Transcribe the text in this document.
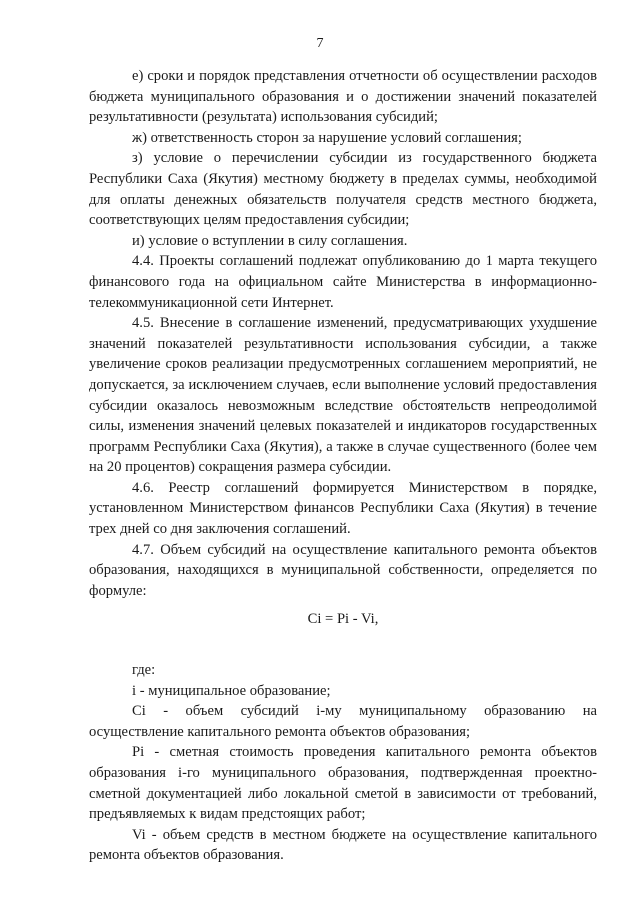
7

е) сроки и порядок представления отчетности об осуществлении расходов бюджета муниципального образования и о достижении значений показателей результативности (результата) использования субсидий;

ж) ответственность сторон за нарушение условий соглашения;

з) условие о перечислении субсидии из государственного бюджета Республики Саха (Якутия) местному бюджету в пределах суммы, необходимой для оплаты денежных обязательств получателя средств местного бюджета, соответствующих целям предоставления субсидии;

и) условие о вступлении в силу соглашения.

4.4. Проекты соглашений подлежат опубликованию до 1 марта текущего финансового года на официальном сайте Министерства в информационно-телекоммуникационной сети Интернет.

4.5. Внесение в соглашение изменений, предусматривающих ухудшение значений показателей результативности использования субсидии, а также увеличение сроков реализации предусмотренных соглашением мероприятий, не допускается, за исключением случаев, если выполнение условий предоставления субсидии оказалось невозможным вследствие обстоятельств непреодолимой силы, изменения значений целевых показателей и индикаторов государственных программ Республики Саха (Якутия), а также в случае существенного (более чем на 20 процентов) сокращения размера субсидии.

4.6. Реестр соглашений формируется Министерством в порядке, установленном Министерством финансов Республики Саха (Якутия) в течение трех дней со дня заключения соглашений.

4.7. Объем субсидий на осуществление капитального ремонта объектов образования, находящихся в муниципальной собственности, определяется по формуле:

Ci = Pi - Vi,

где:

i - муниципальное образование;

Ci - объем субсидий i-му муниципальному образованию на осуществление капитального ремонта объектов образования;

Pi - сметная стоимость проведения капитального ремонта объектов образования i-го муниципального образования, подтвержденная проектно-сметной документацией либо локальной сметой в зависимости от требований, предъявляемых к видам предстоящих работ;

Vi - объем средств в местном бюджете на осуществление капитального ремонта объектов образования.
